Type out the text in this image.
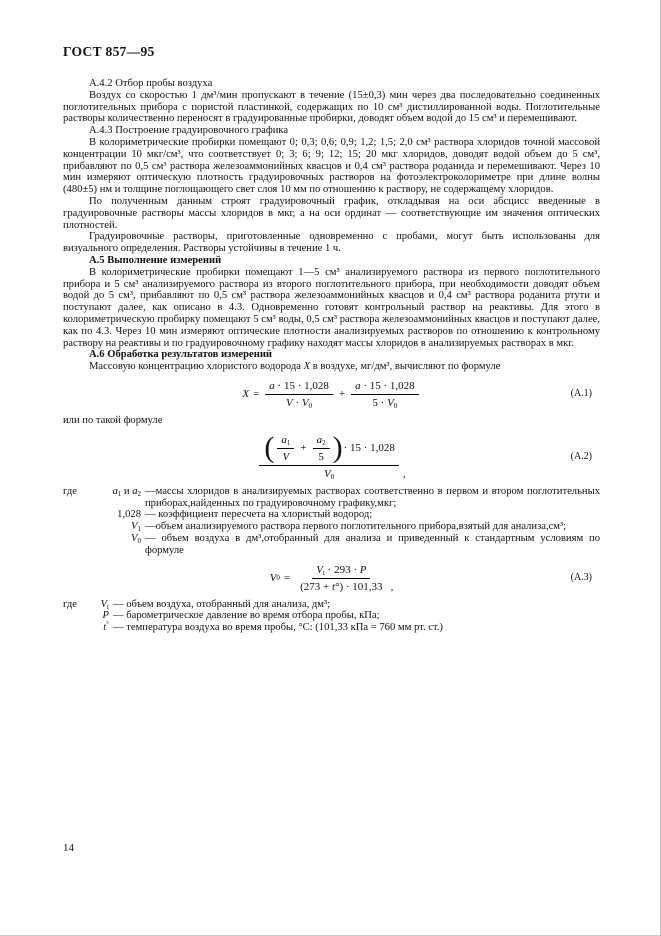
ГОСТ 857—95

А.4.2 Отбор пробы воздуха

Воздух со скоростью 1 дм³/мин пропускают в течение (15±0,3) мин через два последовательно соединенных поглотительных прибора с пористой пластинкой, содержащих по 10 см³ дистиллированной воды. Поглотительные растворы количественно переносят в градуированные пробирки, доводят объем водой до 15 см³ и перемешивают.

А.4.3 Построение градуировочного графика

В колориметрические пробирки помещают 0; 0,3; 0,6; 0,9; 1,2; 1,5; 2,0 см³ раствора хлоридов точной массовой концентрации 10 мкг/см³, что соответствует 0; 3; 6; 9; 12; 15; 20 мкг хлоридов, доводят водой объем до 5 см³, прибавляют по 0,5 см³ раствора железоаммонийных квасцов и 0,4 см³ раствора роданида и перемешивают. Через 10 мин измеряют оптическую плотность градуировочных растворов на фотоэлектроколориметре при длине волны (480±5) нм и толщине поглощающего свет слоя 10 мм по отношению к раствору, не содержащему хлоридов.

По полученным данным строят градуировочный график, откладывая на оси абсцисс введенные в градуировочные растворы массы хлоридов в мкг, а на оси ординат — соответствующие им значения оптических плотностей.

Градуировочные растворы, приготовленные одновременно с пробами, могут быть использованы для визуального определения. Растворы устойчивы в течение 1 ч.

А.5 Выполнение измерений

В колориметрические пробирки помещают 1—5 см³ анализируемого раствора из первого поглотительного прибора и 5 см³ анализируемого раствора из второго поглотительного прибора, при необходимости доводят объем водой до 5 см³, прибавляют по 0,5 см³ раствора железоаммонийных квасцов и 0,4 см³ раствора роданита ртути и поступают далее, как описано в 4.3. Одновременно готовят контрольный раствор на реактивы. Для этого в колориметрическую пробирку помещают 5 см³ воды, 0,5 см³ раствора железоаммонийных квасцов и поступают далее, как по 4.3. Через 10 мин измеряют оптические плотности анализируемых растворов по отношению к контрольному раствору на реактивы и по градуировочному графику находят массы хлоридов в анализируемых растворах в мкг.

А.6 Обработка результатов измерений

Массовую концентрацию хлористого водорода X в воздухе, мг/дм³, вычисляют по формуле

$X = \frac{a \cdot 15 \cdot 1,028}{V \cdot V_0} + \frac{a \cdot 15 \cdot 1,028}{5 \cdot V_0}$	(А.1)

или по такой формуле

( $\frac{a_1}{V} + \frac{a_2}{5}$ ) · 15 · 1,028
$V_0$	,
(А.2)
где	$a_1$ и $a_2$ —массы хлоридов в анализируемых растворах соответственно в первом и втором поглотительных приборах,найденных по градуировочному графику,мкг;
1,028 — коэффициент пересчета на хлористый водород;
$V_1$ —объем анализируемого раствора первого поглотительного прибора,взятый для анализа,см³;
$V_0$ — объем воздуха в дм³,отобранный для анализа и приведенный к стандартным условиям по формуле
V $0 = \frac{V_t \cdot 293 \cdot P}{(273 + t^\circ) \cdot 101,33}$ ,
(А.3)
где $V_t$ — объем воздуха, отобранный для анализа, дм³;
P — барометрическое давление во время отбора пробы, кПа;
t° — температура воздуха во время пробы, °С: (101,33 кПа = 760 мм рт. ст.)
14
